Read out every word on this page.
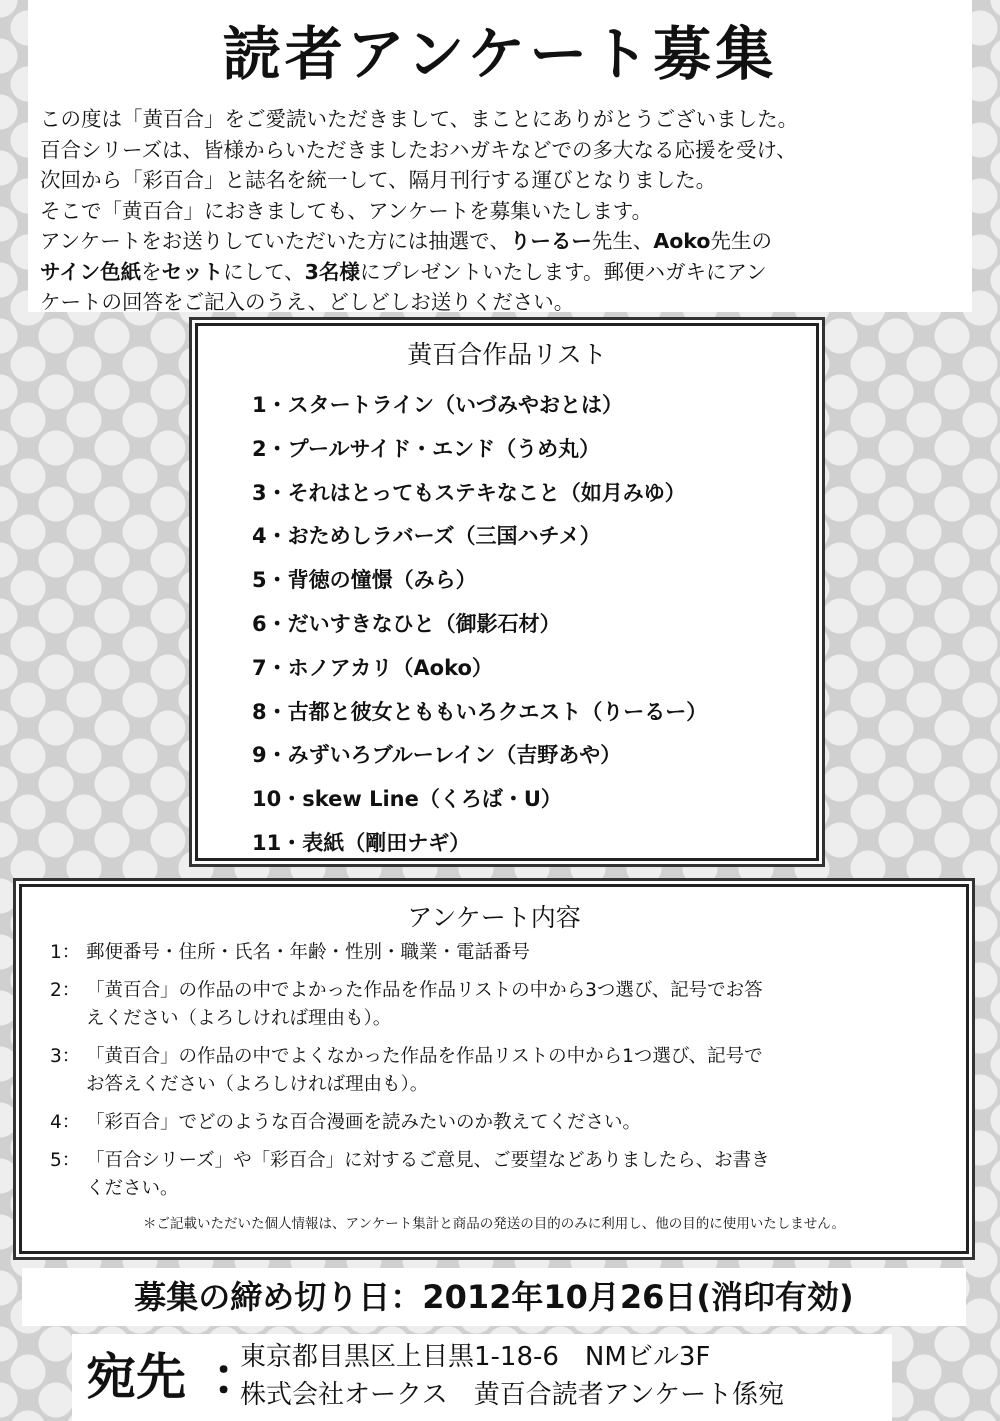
読者アンケート募集

この度は「黄百合」をご愛読いただきまして、まことにありがとうございました。

百合シリーズは、皆様からいただきましたおハガキなどでの多大なる応援を受け、

次回から「彩百合」と誌名を統一して、隔月刊行する運びとなりました。

そこで「黄百合」におきましても、アンケートを募集いたします。

アンケートをお送りしていただいた方には抽選で、りーるー先生、Aoko先生の

サイン色紙をセットにして、3名様にプレゼントいたします。郵便ハガキにアン

ケートの回答をご記入のうえ、どしどしお送りください。

黄百合作品リスト
1・スタートライン（いづみやおとは）
2・プールサイド・エンド（うめ丸）
3・それはとってもステキなこと（如月みゆ）
4・おためしラバーズ（三国ハチメ）
5・背徳の憧憬（みら）
6・だいすきなひと（御影石材）
7・ホノアカリ（Aoko）
8・古都と彼女とももいろクエスト（りーるー）
9・みずいろブルーレイン（吉野あや）
10・skew Line（くろば・U）
11・表紙（剛田ナギ）
アンケート内容
1： 郵便番号・住所・氏名・年齢・性別・職業・電話番号
2： 「黄百合」の作品の中でよかった作品を作品リストの中から3つ選び、記号でお答
えください（よろしければ理由も）。
3： 「黄百合」の作品の中でよくなかった作品を作品リストの中から1つ選び、記号で
お答えください（よろしければ理由も）。
4： 「彩百合」でどのような百合漫画を読みたいのか教えてください。
5： 「百合シリーズ」や「彩百合」に対するご意見、ご要望などありましたら、お書き
ください。
＊ご記載いただいた個人情報は、アンケート集計と商品の発送の目的のみに利用し、他の目的に使用いたしません。
募集の締め切り日：2012年10月26日(消印有効)
宛先 ：
東京都目黒区上目黒1-18-6　NMビル3F
株式会社オークス　黄百合読者アンケート係宛
